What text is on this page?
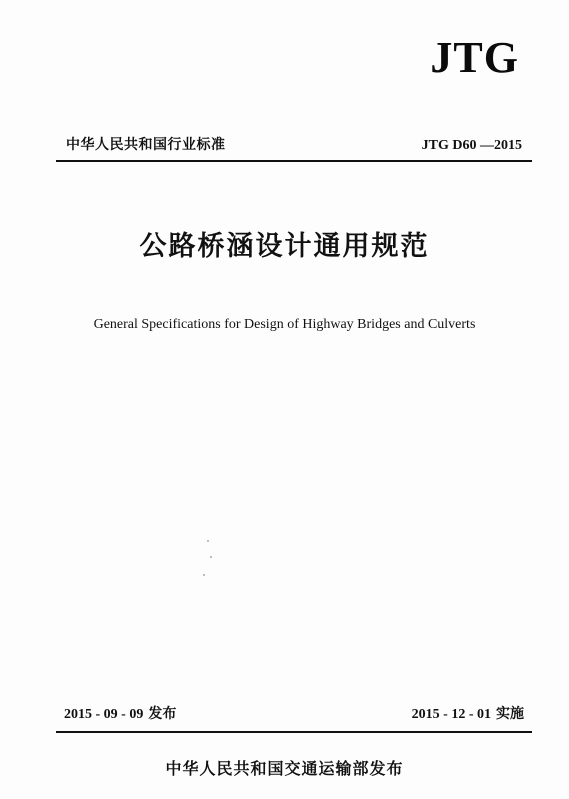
JTG
中华人民共和国行业标准	JTG D60 —2015
公路桥涵设计通用规范
General Specifications for Design of Highway Bridges and Culverts
2015 - 09 - 09 发布	2015 - 12 - 01 实施
中华人民共和国交通运输部发布
